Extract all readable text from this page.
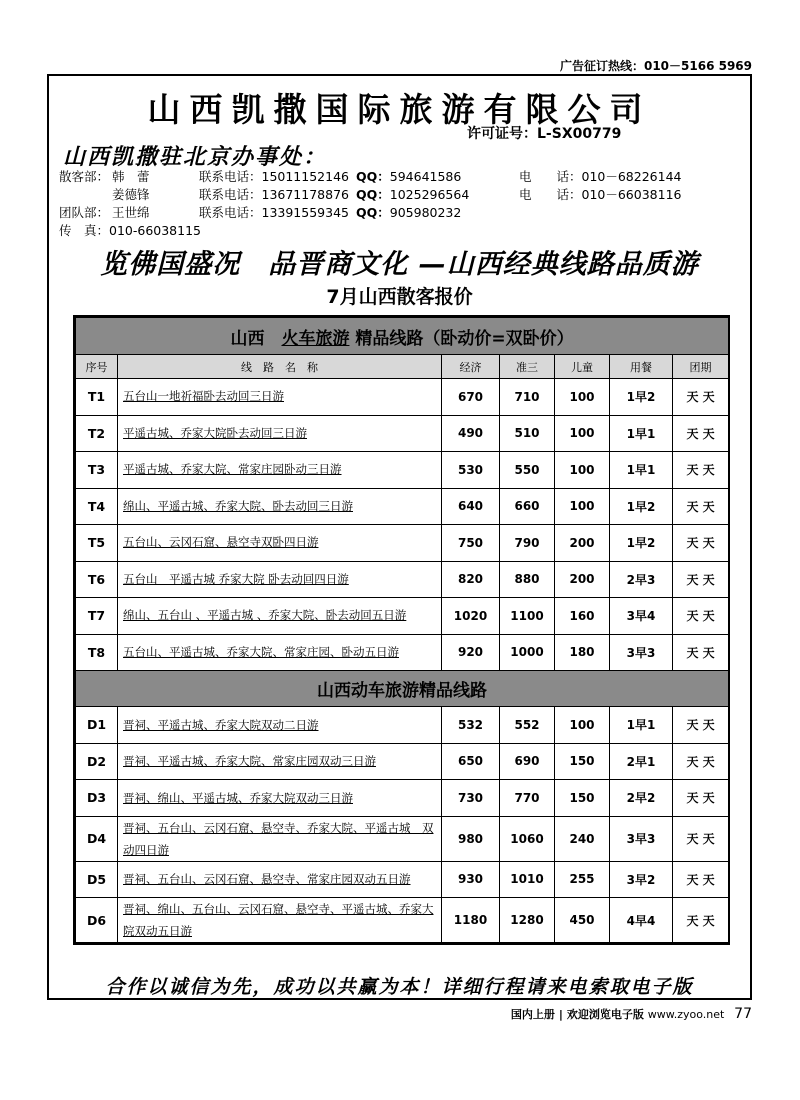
广告征订热线：010－5166 5969
山西凯撒国际旅游有限公司
许可证号：L-SX00779
山西凯撒驻北京办事处：
散客部： 韩　蕾	联系电话：15011152146 QQ：594641586	电　　话：010－68226144
姜德锋	联系电话：13671178876 QQ：1025296564	电　　话：010－66038116
团队部： 王世绵	联系电话：13391559345 QQ：905980232
传　真：010-66038115
览佛国盛况　品晋商文化 —山西经典线路品质游
7月山西散客报价
山西　火车旅游 精品线路（卧动价=双卧价）						
序号	线　路　名　称	经济	准三	儿童	用餐	团期
T1	五台山一地祈福卧去动回三日游	670	710	100	1早2	天 天
T2	平遥古城、乔家大院卧去动回三日游	490	510	100	1早1	天 天
T3	平遥古城、乔家大院、常家庄园卧动三日游	530	550	100	1早1	天 天
T4	绵山、平遥古城、乔家大院、卧去动回三日游	640	660	100	1早2	天 天
T5	五台山、云冈石窟、悬空寺双卧四日游	750	790	200	1早2	天 天
T6	五台山　平遥古城 乔家大院 卧去动回四日游	820	880	200	2早3	天 天
T7	绵山、五台山 、平遥古城 、乔家大院、卧去动回五日游	1020	1100	160	3早4	天 天
T8	五台山、平遥古城、乔家大院、常家庄园、卧动五日游	920	1000	180	3早3	天 天
山西动车旅游精品线路						
D1	晋祠、平遥古城、乔家大院双动二日游	532	552	100	1早1	天 天
D2	晋祠、平遥古城、乔家大院、常家庄园双动三日游	650	690	150	2早1	天 天
D3	晋祠、绵山、平遥古城、乔家大院双动三日游	730	770	150	2早2	天 天
D4	晋祠、五台山、云冈石窟、悬空寺、乔家大院、平遥古城　双动四日游	980	1060	240	3早3	天 天
D5	晋祠、五台山、云冈石窟、悬空寺、常家庄园双动五日游	930	1010	255	3早2	天 天
D6	晋祠、绵山、五台山、云冈石窟、悬空寺、平遥古城、乔家大院双动五日游	1180	1280	450	4早4	天 天
合作以诚信为先，成功以共赢为本！详细行程请来电索取电子版
国内上册 | 欢迎浏览电子版 www.zyoo.net 77
